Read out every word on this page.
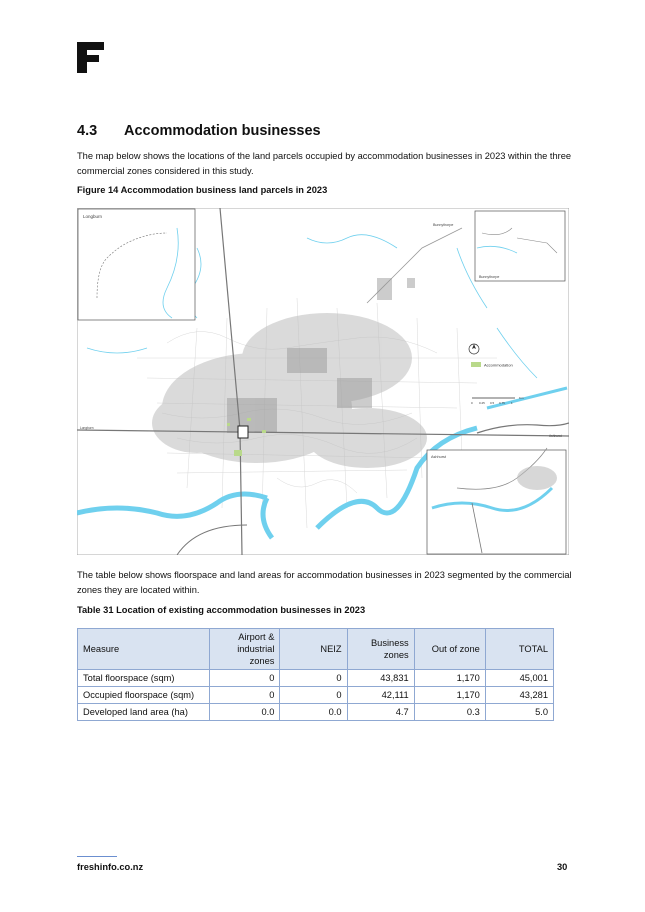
4.3 Accommodation businesses

The map below shows the locations of the land parcels occupied by accommodation businesses in 2023 within the three commercial zones considered in this study.

Figure 14 Accommodation business land parcels in 2023

Longburn
Bunnythorpe
Bunnythorpe
Accommodation
0 0.25 0.5 0.75 1
Km
Longburn
Ashhurst
Ashhurst

The table below shows floorspace and land areas for accommodation businesses in 2023 segmented by the commercial zones they are located within.

Table 31 Location of existing accommodation businesses in 2023

Measure	Airport & industrial zones	NEIZ	Business zones	Out of zone	TOTAL
Total floorspace (sqm)	0	0	43,831	1,170	45,001
Occupied floorspace (sqm)	0	0	42,111	1,170	43,281
Developed land area (ha)	0.0	0.0	4.7	0.3	5.0
freshinfo.co.nz	30
